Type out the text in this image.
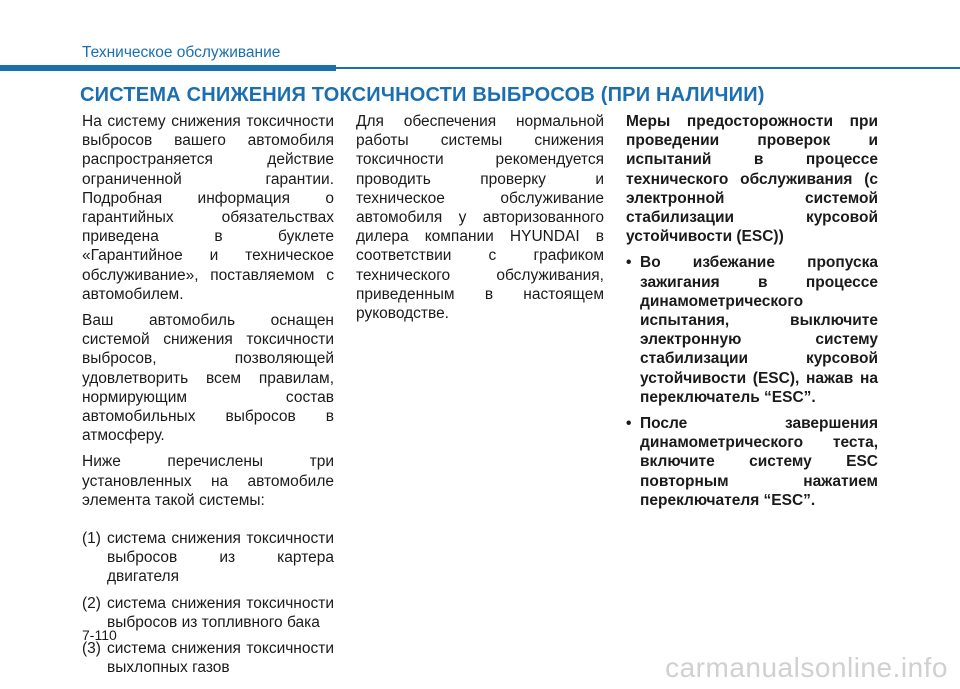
Техническое обслуживание
СИСТЕМА СНИЖЕНИЯ ТОКСИЧНОСТИ ВЫБРОСОВ (ПРИ НАЛИЧИИ)

На систему снижения токсичности выбросов вашего автомобиля распространяется действие ограниченной гарантии. Подробная информация о гарантийных обязательствах приведена в буклете «Гарантийное и техническое обслуживание», поставляемом с автомобилем.

Ваш автомобиль оснащен системой снижения токсичности выбросов, позволяющей удовлетворить всем правилам, нормирующим состав автомобильных выбросов в атмосферу.

Ниже перечислены три установленных на автомобиле элемента такой системы:

(1) система снижения токсичности выбросов из картера двигателя
(2) система снижения токсичности выбросов из топливного бака
(3) система снижения токсичности выхлопных газов

Для обеспечения нормальной работы системы снижения токсичности рекомендуется проводить проверку и техническое обслуживание автомобиля у авторизованного дилера компании HYUNDAI в соответствии с графиком технического обслуживания, приведенным в настоящем руководстве.

Меры предосторожности при проведении проверок и испытаний в процессе технического обслуживания (с электронной системой стабилизации курсовой устойчивости (ESC))

• Во избежание пропуска зажигания в процессе динамометрического испытания, выключите электронную систему стабилизации курсовой устойчивости (ESC), нажав на переключатель “ESC”.
• После завершения динамометрического теста, включите систему ESC повторным нажатием переключателя “ESC”.
7-110
carmanualsonline.info
